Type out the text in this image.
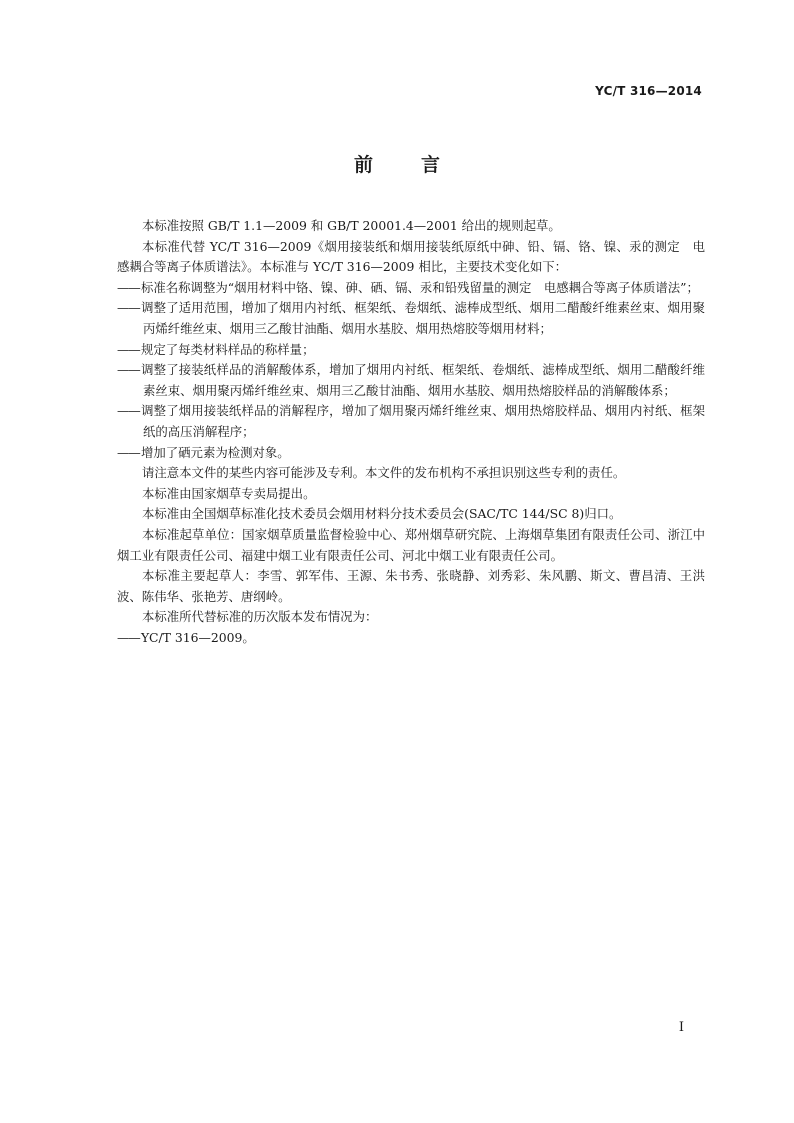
YC/T 316—2014
前言

本标准按照 GB/T 1.1—2009 和 GB/T 20001.4—2001 给出的规则起草。

本标准代替 YC/T 316—2009《烟用接装纸和烟用接装纸原纸中砷、铅、镉、铬、镍、汞的测定　电感耦合等离子体质谱法》。本标准与 YC/T 316—2009 相比，主要技术变化如下：

——标准名称调整为“烟用材料中铬、镍、砷、硒、镉、汞和铅残留量的测定　电感耦合等离子体质谱法”；

——调整了适用范围，增加了烟用内衬纸、框架纸、卷烟纸、滤棒成型纸、烟用二醋酸纤维素丝束、烟用聚丙烯纤维丝束、烟用三乙酸甘油酯、烟用水基胶、烟用热熔胶等烟用材料；

——规定了每类材料样品的称样量；

——调整了接装纸样品的消解酸体系，增加了烟用内衬纸、框架纸、卷烟纸、滤棒成型纸、烟用二醋酸纤维素丝束、烟用聚丙烯纤维丝束、烟用三乙酸甘油酯、烟用水基胶、烟用热熔胶样品的消解酸体系；

——调整了烟用接装纸样品的消解程序，增加了烟用聚丙烯纤维丝束、烟用热熔胶样品、烟用内衬纸、框架纸的高压消解程序；

——增加了硒元素为检测对象。

请注意本文件的某些内容可能涉及专利。本文件的发布机构不承担识别这些专利的责任。

本标准由国家烟草专卖局提出。

本标准由全国烟草标准化技术委员会烟用材料分技术委员会(SAC/TC 144/SC 8)归口。

本标准起草单位：国家烟草质量监督检验中心、郑州烟草研究院、上海烟草集团有限责任公司、浙江中烟工业有限责任公司、福建中烟工业有限责任公司、河北中烟工业有限责任公司。

本标准主要起草人：李雪、郭军伟、王源、朱书秀、张晓静、刘秀彩、朱风鹏、斯文、曹昌清、王洪波、陈伟华、张艳芳、唐纲岭。

本标准所代替标准的历次版本发布情况为：

——YC/T 316—2009。

I
